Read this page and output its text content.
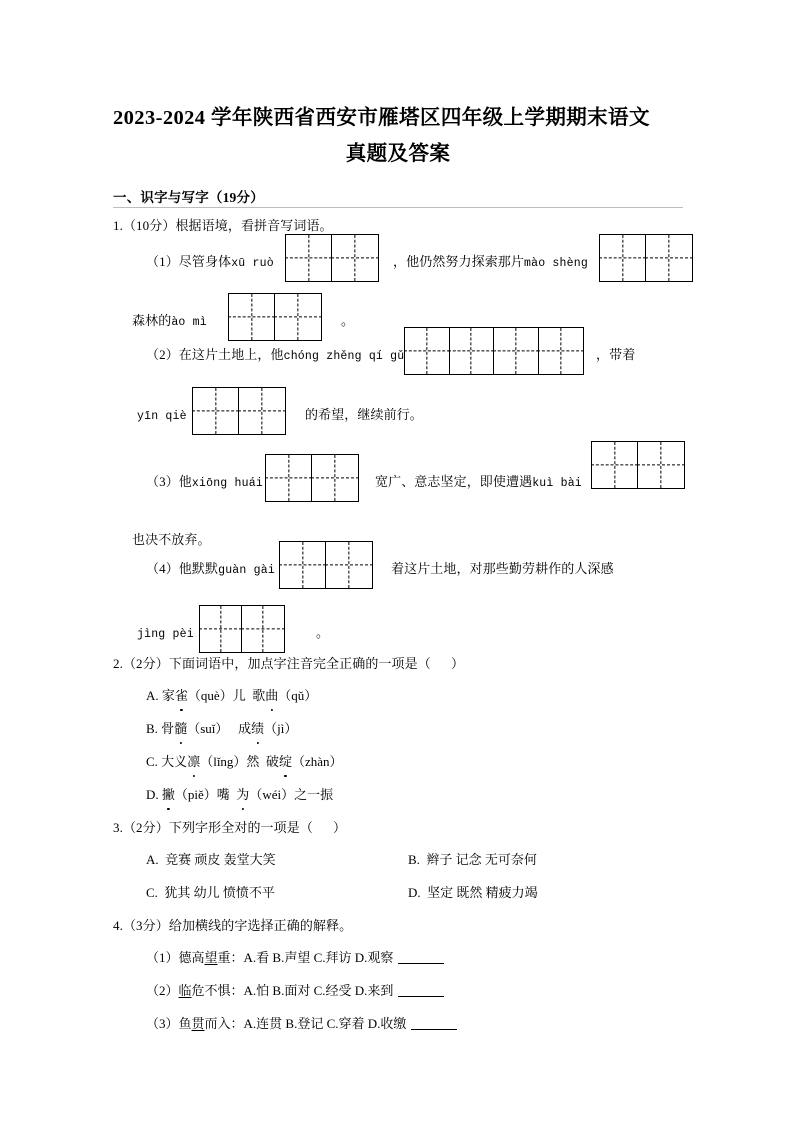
2023-2024 学年陕西省西安市雁塔区四年级上学期期末语文
真题及答案
一、识字与写字（19分）
1.（10分）根据语境，看拼音写词语。
（1）尽管身体xū ruò	，他仍然努力探索那片mào shèng
森林的ào mì	。
（2）在这片土地上，他chóng zhěng qí gǔ	，带着
yīn qiè	的希望，继续前行。
（3）他xiōng huái	宽广、意志坚定，即使遭遇kuì bài
也决不放弃。
（4）他默默guàn gài	着这片土地，对那些勤劳耕作的人深感
jìng pèi	。
2.（2分）下面词语中，加点字注音完全正确的一项是（      ）
A. 家雀（què）儿  歌曲（qǔ）
B. 骨髓（suǐ）   成绩（jì）
C. 大义凛（lǐng）然  破绽（zhàn）
D. 撇（piě）嘴  为（wéi）之一振
3.（2分）下列字形全对的一项是（      ）
A.  竞赛 顽皮 轰堂大笑	B.  辫子 记念 无可奈何
C.  犹其 幼儿 愤愤不平	D.  坚定 既然 精疲力竭
4.（3分）给加横线的字选择正确的解释。
（1）德高望重：A.看 B.声望 C.拜访 D.观察
（2）临危不惧：A.怕 B.面对 C.经受 D.来到
（3）鱼贯而入：A.连贯 B.登记 C.穿着 D.收缴
